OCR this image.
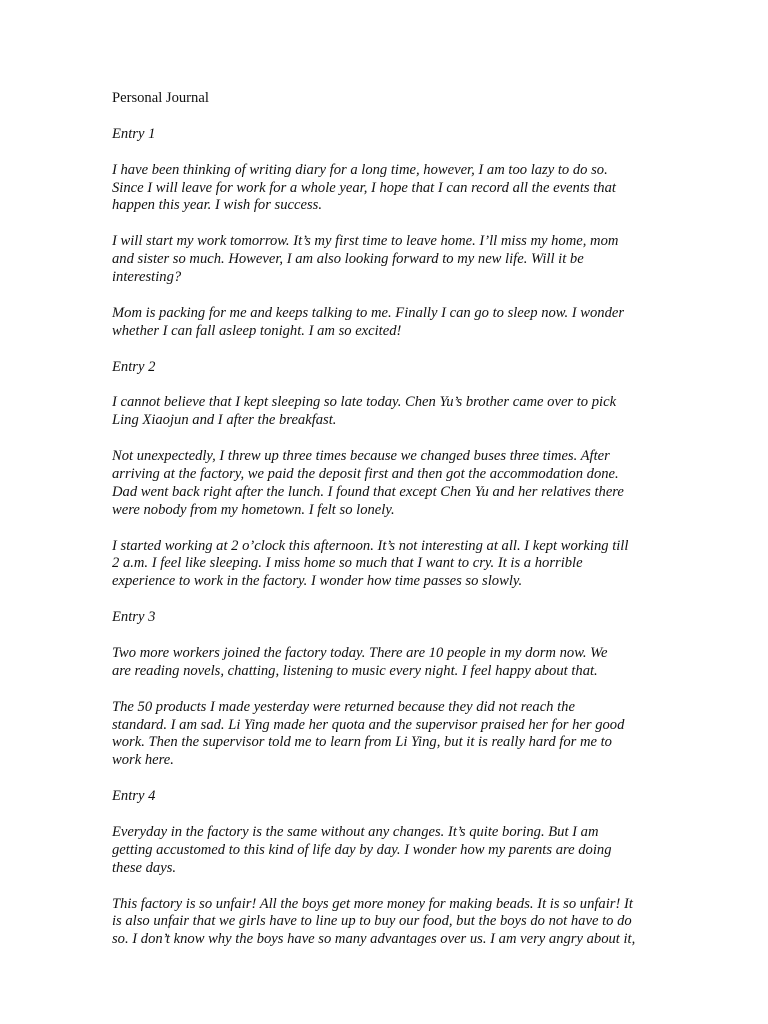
Personal Journal
Entry 1
I have been thinking of writing diary for a long time, however, I am too lazy to do so.
Since I will leave for work for a whole year, I hope that I can record all the events that
happen this year. I wish for success.
I will start my work tomorrow. It’s my first time to leave home. I’ll miss my home, mom
and sister so much. However, I am also looking forward to my new life. Will it be
interesting?
Mom is packing for me and keeps talking to me. Finally I can go to sleep now. I wonder
whether I can fall asleep tonight. I am so excited!
Entry 2
I cannot believe that I kept sleeping so late today. Chen Yu’s brother came over to pick
Ling Xiaojun and I after the breakfast.
Not unexpectedly, I threw up three times because we changed buses three times. After
arriving at the factory, we paid the deposit first and then got the accommodation done.
Dad went back right after the lunch. I found that except Chen Yu and her relatives there
were nobody from my hometown. I felt so lonely.
I started working at 2 o’clock this afternoon. It’s not interesting at all. I kept working till
2 a.m. I feel like sleeping. I miss home so much that I want to cry. It is a horrible
experience to work in the factory. I wonder how time passes so slowly.
Entry 3
Two more workers joined the factory today. There are 10 people in my dorm now. We
are reading novels, chatting, listening to music every night. I feel happy about that.
The 50 products I made yesterday were returned because they did not reach the
standard. I am sad. Li Ying made her quota and the supervisor praised her for her good
work. Then the supervisor told me to learn from Li Ying, but it is really hard for me to
work here.
Entry 4
Everyday in the factory is the same without any changes. It’s quite boring. But I am
getting accustomed to this kind of life day by day. I wonder how my parents are doing
these days.
This factory is so unfair! All the boys get more money for making beads. It is so unfair! It
is also unfair that we girls have to line up to buy our food, but the boys do not have to do
so. I don’t know why the boys have so many advantages over us. I am very angry about it,
